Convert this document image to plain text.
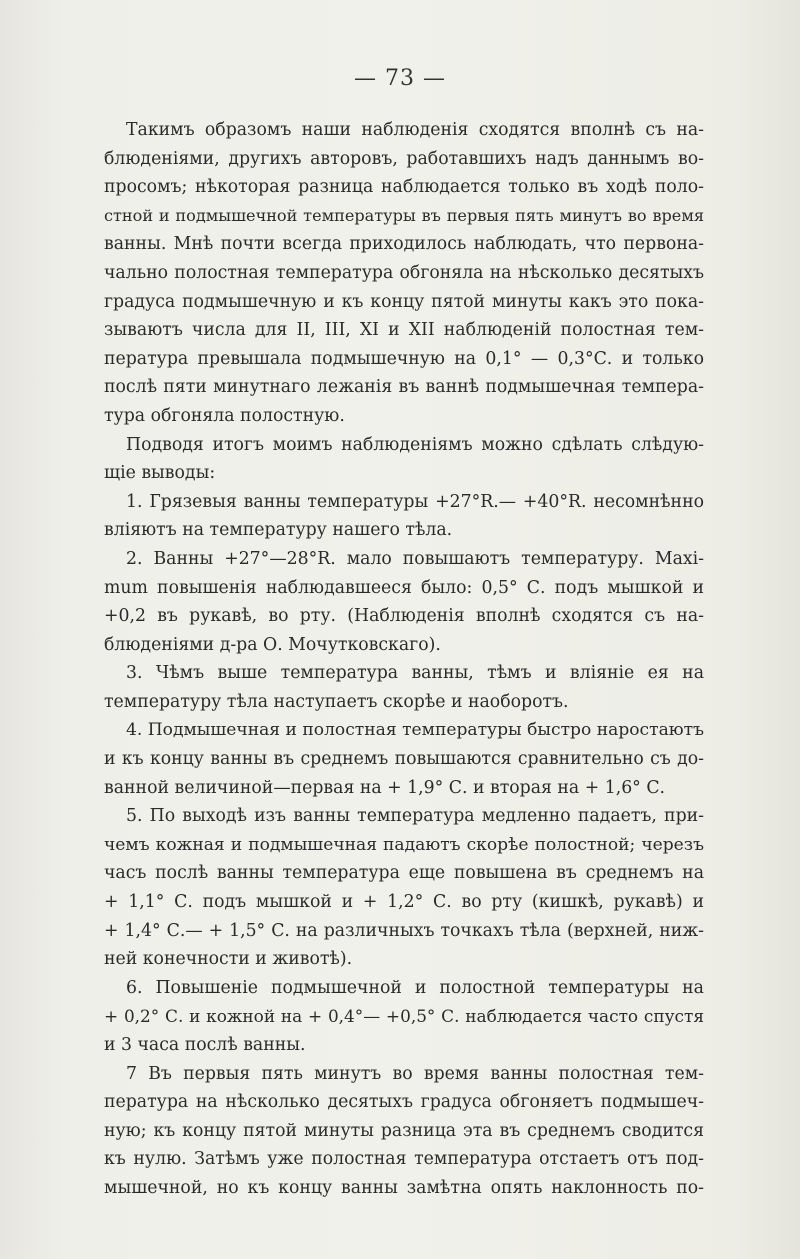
— 73 —
Такимъ образомъ наши наблюденія сходятся вполнѣ съ на-
блюденіями, другихъ авторовъ, работавшихъ надъ даннымъ во-
просомъ; нѣкоторая разница наблюдается только въ ходѣ поло-
стной и подмышечной температуры въ первыя пять минутъ во время
ванны. Мнѣ почти всегда приходилось наблюдать, что первона-
чально полостная температура обгоняла на нѣсколько десятыхъ
градуса подмышечную и къ концу пятой минуты какъ это пока-
зываютъ числа для II, III, XI и XII наблюденій полостная тем-
пература превышала подмышечную на 0,1° — 0,3°С. и только
послѣ пяти минутнаго лежанія въ ваннѣ подмышечная темпера-
тура обгоняла полостную.
Подводя итогъ моимъ наблюденіямъ можно сдѣлать слѣдую-
щіе выводы:
1. Грязевыя ванны температуры +27°R.— +40°R. несомнѣнно
вліяютъ на температуру нашего тѣла.
2. Ванны +27°—28°R. мало повышаютъ температуру. Maxi-
mum повышенія наблюдавшееся было: 0,5° С. подъ мышкой и
+0,2 въ рукавѣ, во рту. (Наблюденія вполнѣ сходятся съ на-
блюденіями д-ра О. Мочутковскаго).
3. Чѣмъ выше температура ванны, тѣмъ и вліяніе ея на
температуру тѣла наступаетъ скорѣе и наоборотъ.
4. Подмышечная и полостная температуры быстро наростаютъ
и къ концу ванны въ среднемъ повышаются сравнительно съ до-
ванной величиной—первая на + 1,9° С. и вторая на + 1,6° С.
5. По выходѣ изъ ванны температура медленно падаетъ, при-
чемъ кожная и подмышечная падаютъ скорѣе полостной; черезъ
часъ послѣ ванны температура еще повышена въ среднемъ на
+ 1,1° С. подъ мышкой и + 1,2° С. во рту (кишкѣ, рукавѣ) и
+ 1,4° С.— + 1,5° С. на различныхъ точкахъ тѣла (верхней, ниж-
ней конечности и животѣ).
6. Повышеніе подмышечной и полостной температуры на
+ 0,2° С. и кожной на + 0,4°— +0,5° С. наблюдается часто спустя
и 3 часа послѣ ванны.
7 Въ первыя пять минутъ во время ванны полостная тем-
пература на нѣсколько десятыхъ градуса обгоняетъ подмышеч-
ную; къ концу пятой минуты разница эта въ среднемъ сводится
къ нулю. Затѣмъ уже полостная температура отстаетъ отъ под-
мышечной, но къ концу ванны замѣтна опять наклонность по-
